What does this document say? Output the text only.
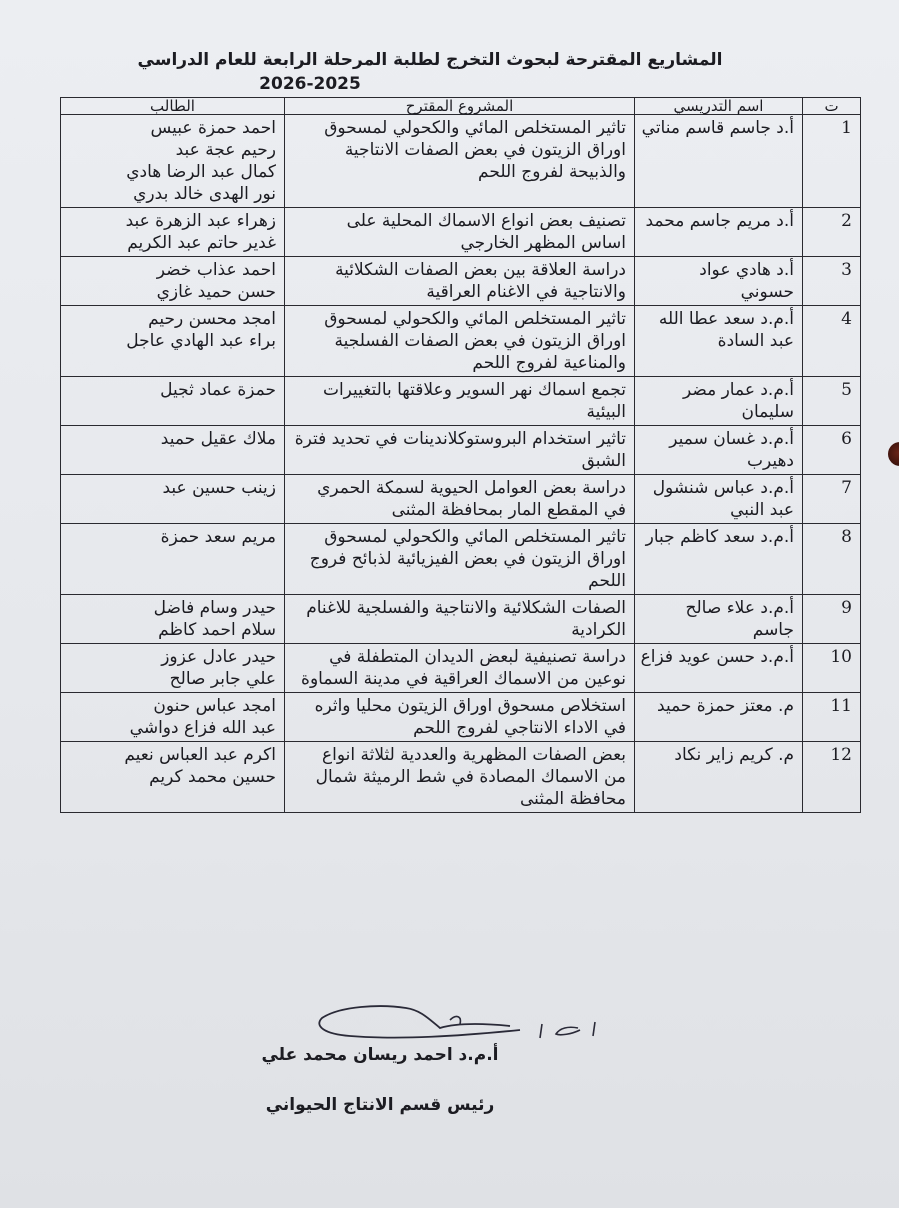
المشاريع المقترحة لبحوث التخرج لطلبة المرحلة الرابعة للعام الدراسي
2026-2025
ت	اسم التدريسي	المشروع المقترح	الطالب
1	أ.د جاسم قاسم مناتي	تاثير المستخلص المائي والكحولي لمسحوق
اوراق الزيتون في بعض الصفات الانتاجية
والذبيحة لفروج اللحم	احمد حمزة عبيس
رحيم عجة عبد
كمال عبد الرضا هادي
نور الهدى خالد بدري

2	أ.د مريم جاسم محمد	تصنيف بعض انواع الاسماك المحلية على
اساس المظهر الخارجي	زهراء عبد الزهرة عبد
غدير حاتم عبد الكريم

3	أ.د هادي عواد
حسوني	دراسة العلاقة بين بعض الصفات الشكلائية
والانتاجية في الاغنام العراقية	احمد عذاب خضر
حسن حميد غازي

4	أ.م.د سعد عطا الله
عبد السادة	تاثير المستخلص المائي والكحولي لمسحوق
اوراق الزيتون في بعض الصفات الفسلجية
والمناعية لفروج اللحم	امجد محسن رحيم
براء عبد الهادي عاجل

5	أ.م.د عمار مضر
سليمان	تجمع اسماك نهر السوير وعلاقتها بالتغييرات
البيئية	حمزة عماد ثجيل

6	أ.م.د غسان سمير
دهيرب	تاثير استخدام البروستوكلاندينات في تحديد فترة
الشبق	ملاك عقيل حميد

7	أ.م.د عباس شنشول
عبد النبي	دراسة بعض العوامل الحيوية لسمكة الحمري
في المقطع المار بمحافظة المثنى	زينب حسين عبد

8	أ.م.د سعد كاظم جبار	تاثير المستخلص المائي والكحولي لمسحوق
اوراق الزيتون في بعض الفيزيائية لذبائح فروج
اللحم	مريم سعد حمزة

9	أ.م.د علاء صالح
جاسم	الصفات الشكلائية والانتاجية والفسلجية للاغنام
الكرادية	حيدر وسام فاضل
سلام احمد كاظم

10	أ.م.د حسن عويد فزاع	دراسة تصنيفية لبعض الديدان المتطفلة في
نوعين من الاسماك العراقية في مدينة السماوة	حيدر عادل عزوز
علي جابر صالح

11	م. معتز حمزة حميد	استخلاص مسحوق اوراق الزيتون محليا واثره
في الاداء الانتاجي لفروج اللحم	امجد عباس حنون
عبد الله فزاع دواشي

12	م. كريم زاير نكاد	بعض الصفات المظهرية والعددية لثلاثة انواع
من الاسماك المصادة في شط الرميثة شمال
محافظة المثنى	اكرم عبد العباس نعيم
حسين محمد كريم
أ.م.د احمد ريسان محمد علي
رئيس قسم الانتاج الحيواني
